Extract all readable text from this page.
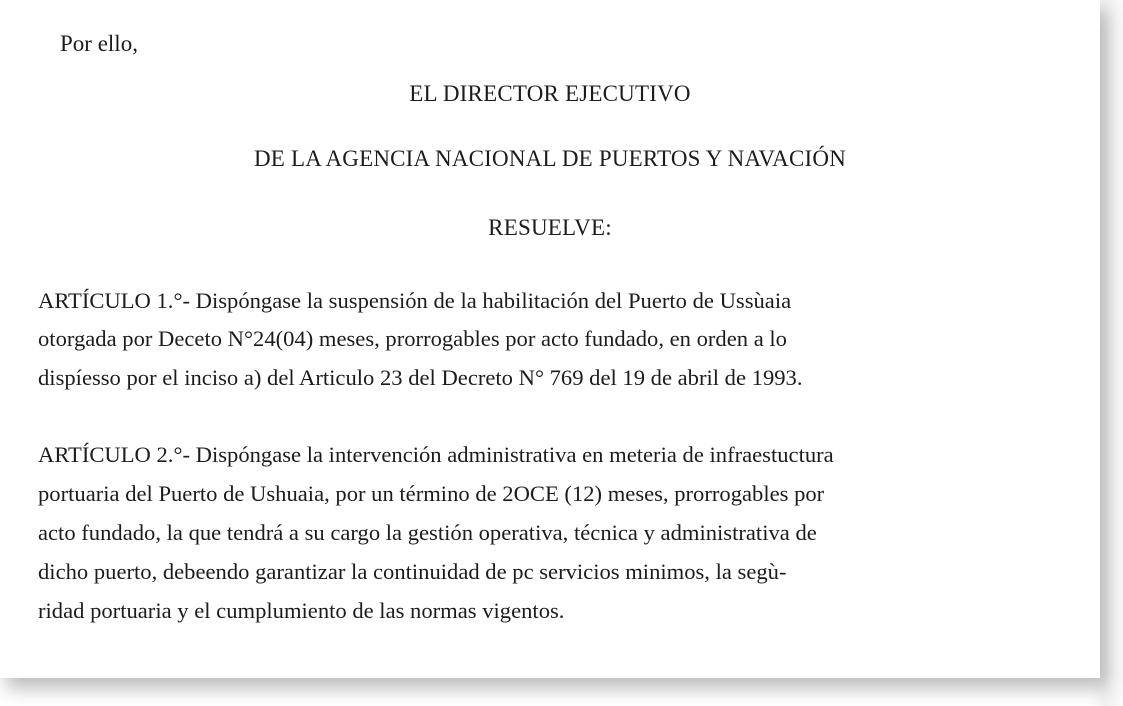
Por ello,
EL DIRECTOR EJECUTIVO
DE LA AGENCIA NACIONAL DE PUERTOS Y NAVACIÓN
RESUELVE:
ARTÍCULO 1.°- Dispóngase la suspensión de la habilitación del Puerto de Ussùaia
otorgada por Deceto N°24(04) meses, prorrogables por acto fundado, en orden a lo
dispíesso por el inciso a) del Articulo 23 del Decreto N° 769 del 19 de abril de 1993.
ARTÍCULO 2.°- Dispóngase la intervención administrativa en meteria de infraestuctura
portuaria del Puerto de Ushuaia, por un término de 2OCE (12) meses, prorrogables por
acto fundado, la que tendrá a su cargo la gestión operativa, técnica y administrativa de
dicho puerto, debeendo garantizar la continuidad de pc servicios minimos, la segù-
ridad portuaria y el cumplumiento de las normas vigentos.
